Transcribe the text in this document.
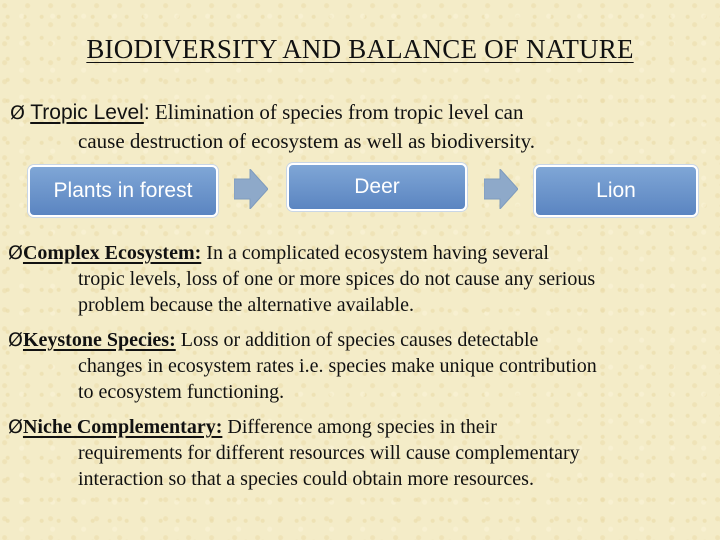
BIODIVERSITY AND BALANCE OF NATURE
Ø Tropic Level: Elimination of species from tropic level can
cause destruction of ecosystem as well as biodiversity.
Plants in forest	Deer	Lion
ØComplex Ecosystem: In a complicated ecosystem having several
tropic levels, loss of one or more spices do not cause any serious
problem because the alternative available.
ØKeystone Species: Loss or addition of species causes detectable
changes in ecosystem rates i.e. species make unique contribution
to ecosystem functioning.
ØNiche Complementary: Difference among species in their
requirements for different resources will cause complementary
interaction so that a species could obtain more resources.
